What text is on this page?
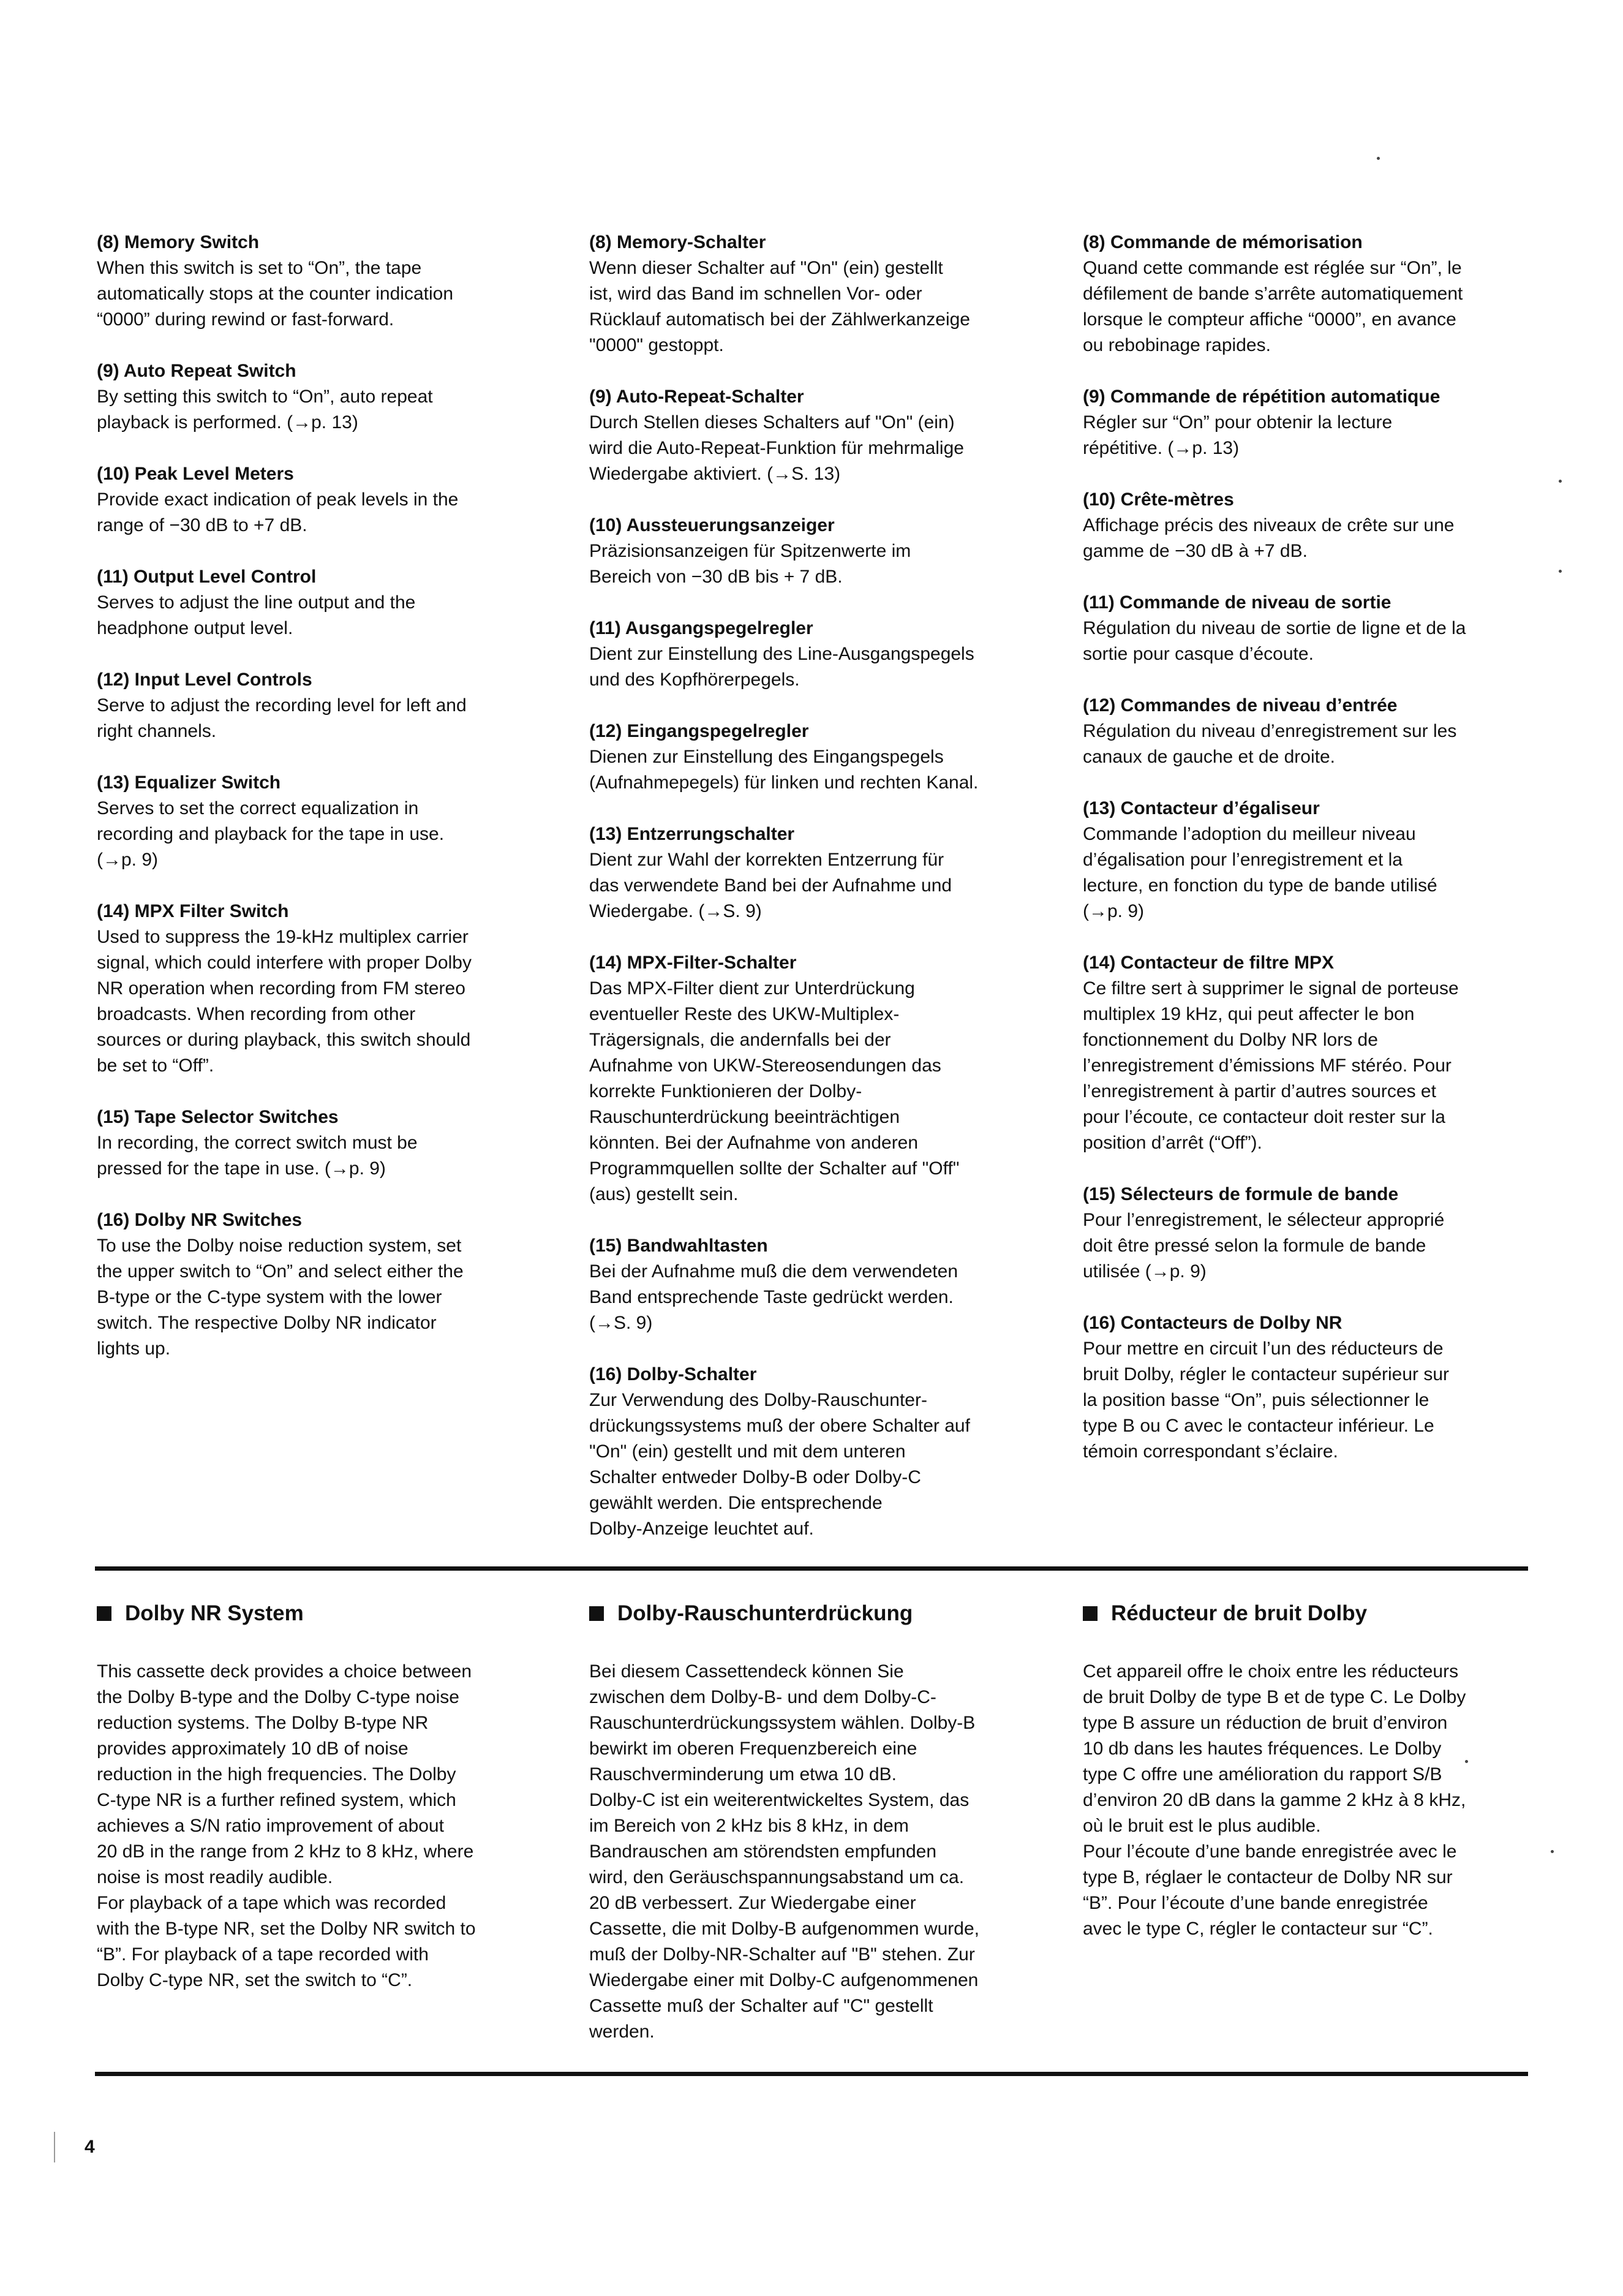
(8) Memory Switch

When this switch is set to “On”, the tape
automatically stops at the counter indication
“0000” during rewind or fast-forward.

(9) Auto Repeat Switch

By setting this switch to “On”, auto repeat
playback is performed. (→p. 13)

(10) Peak Level Meters

Provide exact indication of peak levels in the
range of −30 dB to +7 dB.

(11) Output Level Control

Serves to adjust the line output and the
headphone output level.

(12) Input Level Controls

Serve to adjust the recording level for left and
right channels.

(13) Equalizer Switch

Serves to set the correct equalization in
recording and playback for the tape in use.
(→p. 9)

(14) MPX Filter Switch

Used to suppress the 19-kHz multiplex carrier
signal, which could interfere with proper Dolby
NR operation when recording from FM stereo
broadcasts. When recording from other
sources or during playback, this switch should
be set to “Off”.

(15) Tape Selector Switches

In recording, the correct switch must be
pressed for the tape in use. (→p. 9)

(16) Dolby NR Switches

To use the Dolby noise reduction system, set
the upper switch to “On” and select either the
B-type or the C-type system with the lower
switch. The respective Dolby NR indicator
lights up.

(8) Memory-Schalter

Wenn dieser Schalter auf "On" (ein) gestellt
ist, wird das Band im schnellen Vor- oder
Rücklauf automatisch bei der Zählwerkanzeige
"0000" gestoppt.

(9) Auto-Repeat-Schalter

Durch Stellen dieses Schalters auf "On" (ein)
wird die Auto-Repeat-Funktion für mehrmalige
Wiedergabe aktiviert. (→S. 13)

(10) Aussteuerungsanzeiger

Präzisionsanzeigen für Spitzenwerte im
Bereich von −30 dB bis + 7 dB.

(11) Ausgangspegelregler

Dient zur Einstellung des Line-Ausgangspegels
und des Kopfhörerpegels.

(12) Eingangspegelregler

Dienen zur Einstellung des Eingangspegels
(Aufnahmepegels) für linken und rechten Kanal.

(13) Entzerrungschalter

Dient zur Wahl der korrekten Entzerrung für
das verwendete Band bei der Aufnahme und
Wiedergabe. (→S. 9)

(14) MPX-Filter-Schalter

Das MPX-Filter dient zur Unterdrückung
eventueller Reste des UKW-Multiplex-
Trägersignals, die andernfalls bei der
Aufnahme von UKW-Stereosendungen das
korrekte Funktionieren der Dolby-
Rauschunterdrückung beeinträchtigen
könnten. Bei der Aufnahme von anderen
Programmquellen sollte der Schalter auf "Off"
(aus) gestellt sein.

(15) Bandwahltasten

Bei der Aufnahme muß die dem verwendeten
Band entsprechende Taste gedrückt werden.
(→S. 9)

(16) Dolby-Schalter

Zur Verwendung des Dolby-Rauschunter-
drückungssystems muß der obere Schalter auf
"On" (ein) gestellt und mit dem unteren
Schalter entweder Dolby-B oder Dolby-C
gewählt werden. Die entsprechende
Dolby-Anzeige leuchtet auf.

(8) Commande de mémorisation

Quand cette commande est réglée sur “On”, le
défilement de bande s’arrête automatiquement
lorsque le compteur affiche “0000”, en avance
ou rebobinage rapides.

(9) Commande de répétition automatique

Régler sur “On” pour obtenir la lecture
répétitive. (→p. 13)

(10) Crête-mètres

Affichage précis des niveaux de crête sur une
gamme de −30 dB à +7 dB.

(11) Commande de niveau de sortie

Régulation du niveau de sortie de ligne et de la
sortie pour casque d’écoute.

(12) Commandes de niveau d’entrée

Régulation du niveau d’enregistrement sur les
canaux de gauche et de droite.

(13) Contacteur d’égaliseur

Commande l’adoption du meilleur niveau
d’égalisation pour l’enregistrement et la
lecture, en fonction du type de bande utilisé
(→p. 9)

(14) Contacteur de filtre MPX

Ce filtre sert à supprimer le signal de porteuse
multiplex 19 kHz, qui peut affecter le bon
fonctionnement du Dolby NR lors de
l’enregistrement d’émissions MF stéréo. Pour
l’enregistrement à partir d’autres sources et
pour l’écoute, ce contacteur doit rester sur la
position d’arrêt (“Off”).

(15) Sélecteurs de formule de bande

Pour l’enregistrement, le sélecteur approprié
doit être pressé selon la formule de bande
utilisée (→p. 9)

(16) Contacteurs de Dolby NR

Pour mettre en circuit l’un des réducteurs de
bruit Dolby, régler le contacteur supérieur sur
la position basse “On”, puis sélectionner le
type B ou C avec le contacteur inférieur. Le
témoin correspondant s’éclaire.

Dolby NR System

This cassette deck provides a choice between
the Dolby B-type and the Dolby C-type noise
reduction systems. The Dolby B-type NR
provides approximately 10 dB of noise
reduction in the high frequencies. The Dolby
C-type NR is a further refined system, which
achieves a S/N ratio improvement of about
20 dB in the range from 2 kHz to 8 kHz, where
noise is most readily audible.
For playback of a tape which was recorded
with the B-type NR, set the Dolby NR switch to
“B”. For playback of a tape recorded with
Dolby C-type NR, set the switch to “C”.

Dolby-Rauschunterdrückung

Bei diesem Cassettendeck können Sie
zwischen dem Dolby-B- und dem Dolby-C-
Rauschunterdrückungssystem wählen. Dolby-B
bewirkt im oberen Frequenzbereich eine
Rauschverminderung um etwa 10 dB.
Dolby-C ist ein weiterentwickeltes System, das
im Bereich von 2 kHz bis 8 kHz, in dem
Bandrauschen am störendsten empfunden
wird, den Geräuschspannungsabstand um ca.
20 dB verbessert. Zur Wiedergabe einer
Cassette, die mit Dolby-B aufgenommen wurde,
muß der Dolby-NR-Schalter auf "B" stehen. Zur
Wiedergabe einer mit Dolby-C aufgenommenen
Cassette muß der Schalter auf "C" gestellt
werden.

Réducteur de bruit Dolby

Cet appareil offre le choix entre les réducteurs
de bruit Dolby de type B et de type C. Le Dolby
type B assure un réduction de bruit d’environ
10 db dans les hautes fréquences. Le Dolby
type C offre une amélioration du rapport S/B
d’environ 20 dB dans la gamme 2 kHz à 8 kHz,
où le bruit est le plus audible.
Pour l’écoute d’une bande enregistrée avec le
type B, réglaer le contacteur de Dolby NR sur
“B”. Pour l’écoute d’une bande enregistrée
avec le type C, régler le contacteur sur “C”.

4
